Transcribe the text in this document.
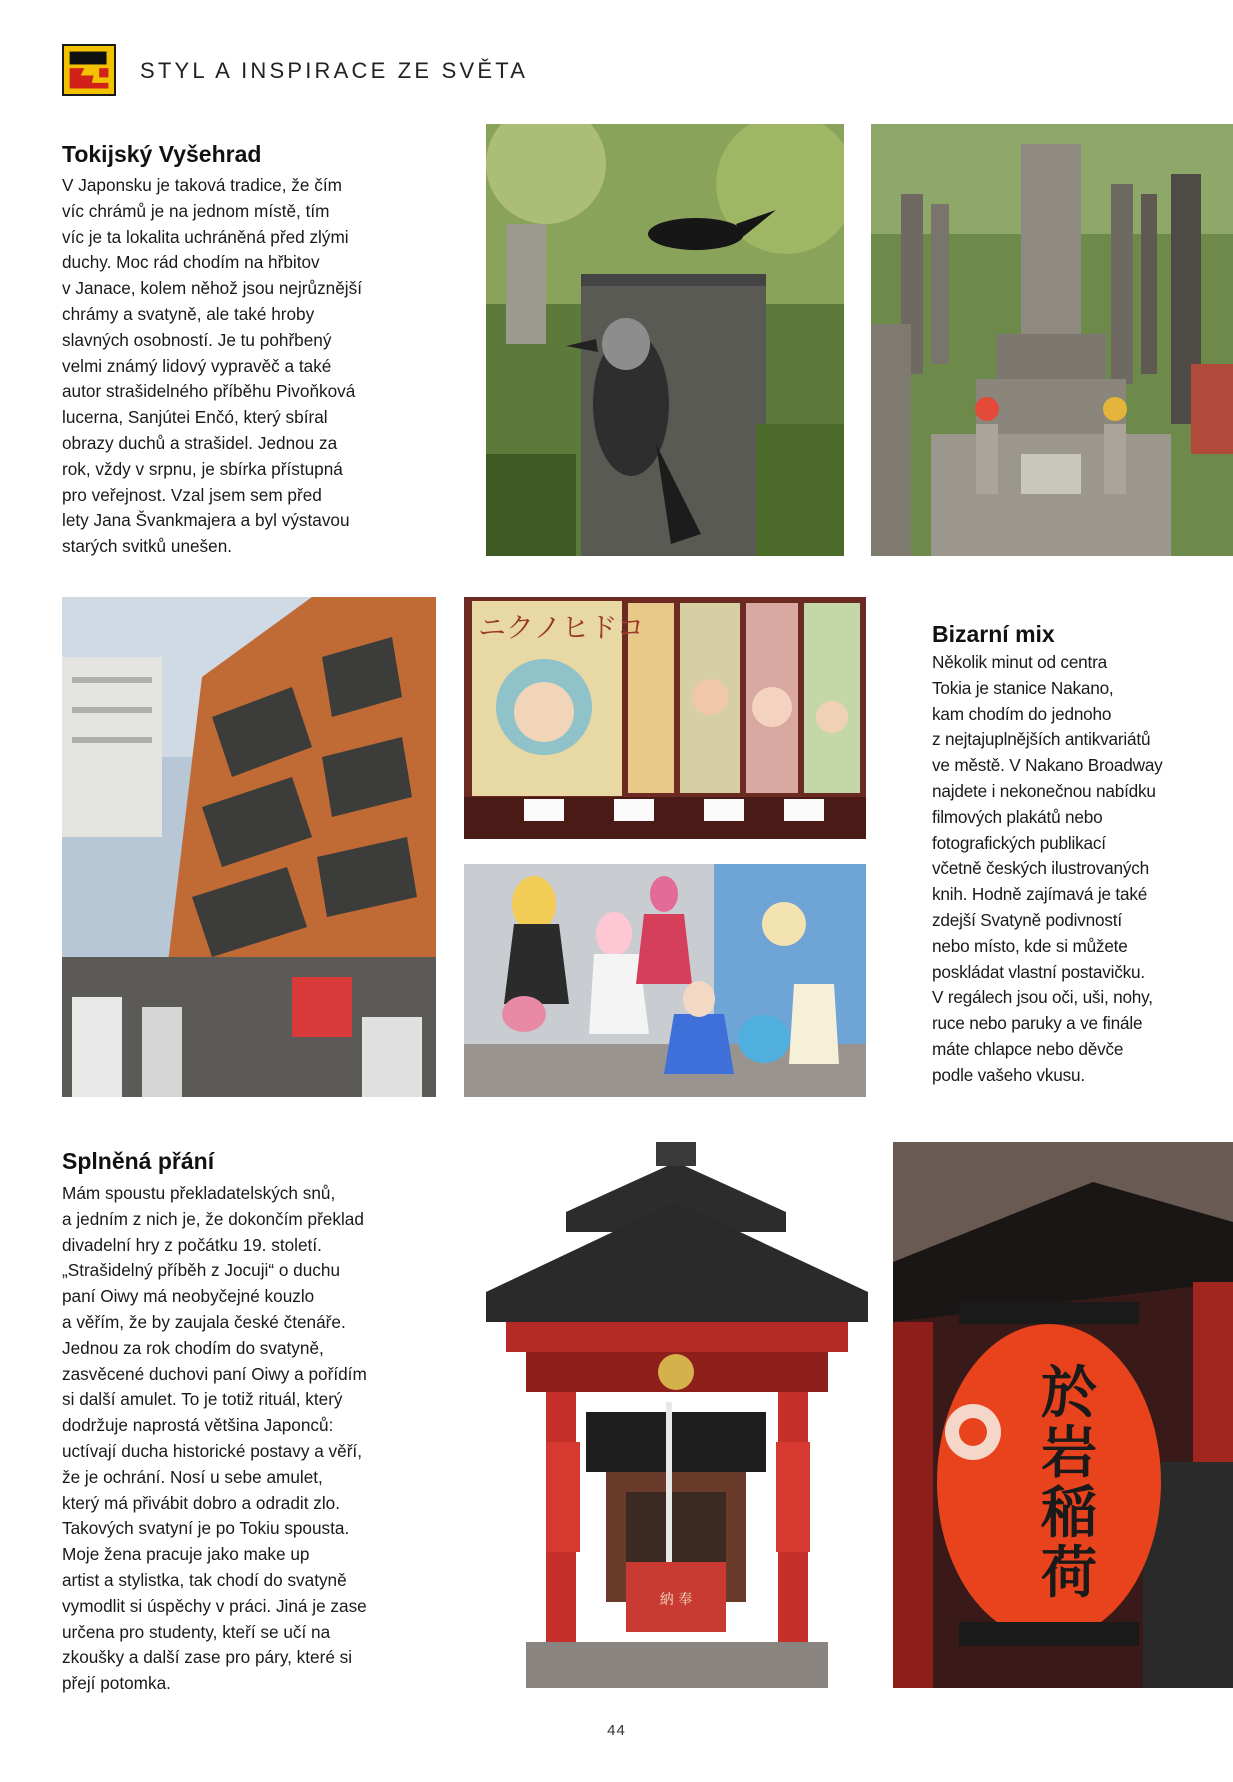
STYL A INSPIRACE ZE SVĚTA
Tokijský Vyšehrad
V Japonsku je taková tradice, že čím
víc chrámů je na jednom místě, tím
víc je ta lokalita uchráněná před zlými
duchy. Moc rád chodím na hřbitov
v Janace, kolem něhož jsou nejrůznější
chrámy a svatyně, ale také hroby
slavných osobností. Je tu pohřbený
velmi známý lidový vypravěč a také
autor strašidelného příběhu Pivoňková
lucerna, Sanjútei Enčó, který sbíral
obrazy duchů a strašidel. Jednou za
rok, vždy v srpnu, je sbírka přístupná
pro veřejnost. Vzal jsem sem před
lety Jana Švankmajera a byl výstavou
starých svitků unešen.
ニクノヒドコ	Bizarní mix
Několik minut od centra
Tokia je stanice Nakano,
kam chodím do jednoho
z nejtajuplnějších antikvariátů
ve městě. V Nakano Broadway
najdete i nekonečnou nabídku
filmových plakátů nebo
fotografických publikací
včetně českých ilustrovaných
knih. Hodně zajímavá je také
zdejší Svatyně podivností
nebo místo, kde si můžete
poskládat vlastní postavičku.
V regálech jsou oči, uši, nohy,
ruce nebo paruky a ve finále
máte chlapce nebo děvče
podle vašeho vkusu.
Splněná přání
Mám spoustu překladatelských snů,
a jedním z nich je, že dokončím překlad
divadelní hry z počátku 19. století.
„Strašidelný příběh z Jocuji“ o duchu
paní Oiwy má neobyčejné kouzlo
a věřím, že by zaujala české čtenáře.
Jednou za rok chodím do svatyně,
zasvěcené duchovi paní Oiwy a pořídím
si další amulet. To je totiž rituál, který
dodržuje naprostá většina Japonců:
uctívají ducha historické postavy a věří,
že je ochrání. Nosí u sebe amulet,
který má přivábit dobro a odradit zlo.
Takových svatyní je po Tokiu spousta.
Moje žena pracuje jako make up
artist a stylistka, tak chodí do svatyně
vymodlit si úspěchy v práci. Jiná je zase
určena pro studenty, kteří se učí na
zkoušky a další zase pro páry, které si
přejí potomka.
納 奉
於
岩
稲
荷
44
